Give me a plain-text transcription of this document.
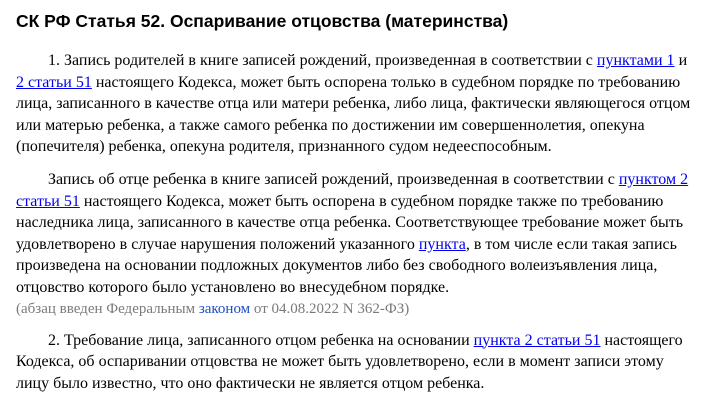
СК РФ Статья 52. Оспаривание отцовства (материнства)

1. Запись родителей в книге записей рождений, произведенная в соответствии с пунктами 1 и 2 статьи 51 настоящего Кодекса, может быть оспорена только в судебном порядке по требованию лица, записанного в качестве отца или матери ребенка, либо лица, фактически являющегося отцом или матерью ребенка, а также самого ребенка по достижении им совершеннолетия, опекуна (попечителя) ребенка, опекуна родителя, признанного судом недееспособным.

Запись об отце ребенка в книге записей рождений, произведенная в соответствии с пунктом 2 статьи 51 настоящего Кодекса, может быть оспорена в судебном порядке также по требованию наследника лица, записанного в качестве отца ребенка. Соответствующее требование может быть удовлетворено в случае нарушения положений указанного пункта, в том числе если такая запись произведена на основании подложных документов либо без свободного волеизъявления лица, отцовство которого было установлено во внесудебном порядке.

(абзац введен Федеральным законом от 04.08.2022 N 362-ФЗ)

2. Требование лица, записанного отцом ребенка на основании пункта 2 статьи 51 настоящего Кодекса, об оспаривании отцовства не может быть удовлетворено, если в момент записи этому лицу было известно, что оно фактически не является отцом ребенка.
